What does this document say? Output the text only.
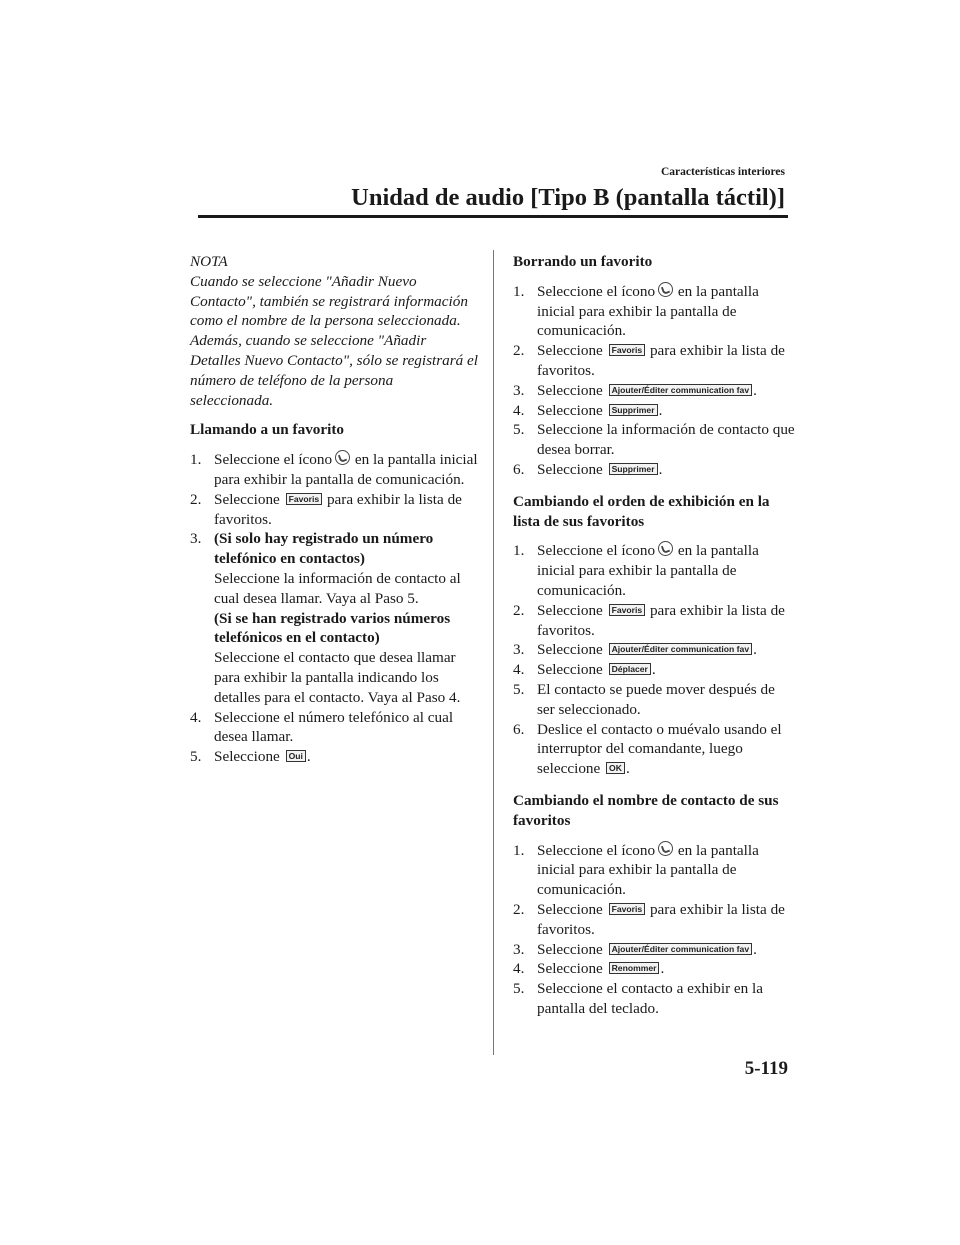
Características interiores
Unidad de audio [Tipo B (pantalla táctil)]
NOTA
Cuando se seleccione "Añadir Nuevo Contacto", también se registrará información como el nombre de la persona seleccionada. Además, cuando se seleccione "Añadir Detalles Nuevo Contacto", sólo se registrará el número de teléfono de la persona seleccionada.
Llamando a un favorito
1. Seleccione el ícono en la pantalla inicial para exhibir la pantalla de comunicación.
2. Seleccione Favoris para exhibir la lista de favoritos.
3. (Si solo hay registrado un número telefónico en contactos)
Seleccione la información de contacto al cual desea llamar. Vaya al Paso 5.
(Si se han registrado varios números telefónicos en el contacto)
Seleccione el contacto que desea llamar para exhibir la pantalla indicando los detalles para el contacto. Vaya al Paso 4.
4. Seleccione el número telefónico al cual desea llamar.
5. Seleccione Oui .
Borrando un favorito
1. Seleccione el ícono en la pantalla inicial para exhibir la pantalla de comunicación.
2. Seleccione Favoris para exhibir la lista de favoritos.
3. Seleccione Ajouter/Éditer communication fav .
4. Seleccione Supprimer .
5. Seleccione la información de contacto que desea borrar.
6. Seleccione Supprimer .
Cambiando el orden de exhibición en la lista de sus favoritos
1. Seleccione el ícono en la pantalla inicial para exhibir la pantalla de comunicación.
2. Seleccione Favoris para exhibir la lista de favoritos.
3. Seleccione Ajouter/Éditer communication fav .
4. Seleccione Déplacer .
5. El contacto se puede mover después de ser seleccionado.
6. Deslice el contacto o muévalo usando el interruptor del comandante, luego seleccione OK .
Cambiando el nombre de contacto de sus favoritos
1. Seleccione el ícono en la pantalla inicial para exhibir la pantalla de comunicación.
2. Seleccione Favoris para exhibir la lista de favoritos.
3. Seleccione Ajouter/Éditer communication fav .
4. Seleccione Renommer .
5. Seleccione el contacto a exhibir en la pantalla del teclado.
5-119
